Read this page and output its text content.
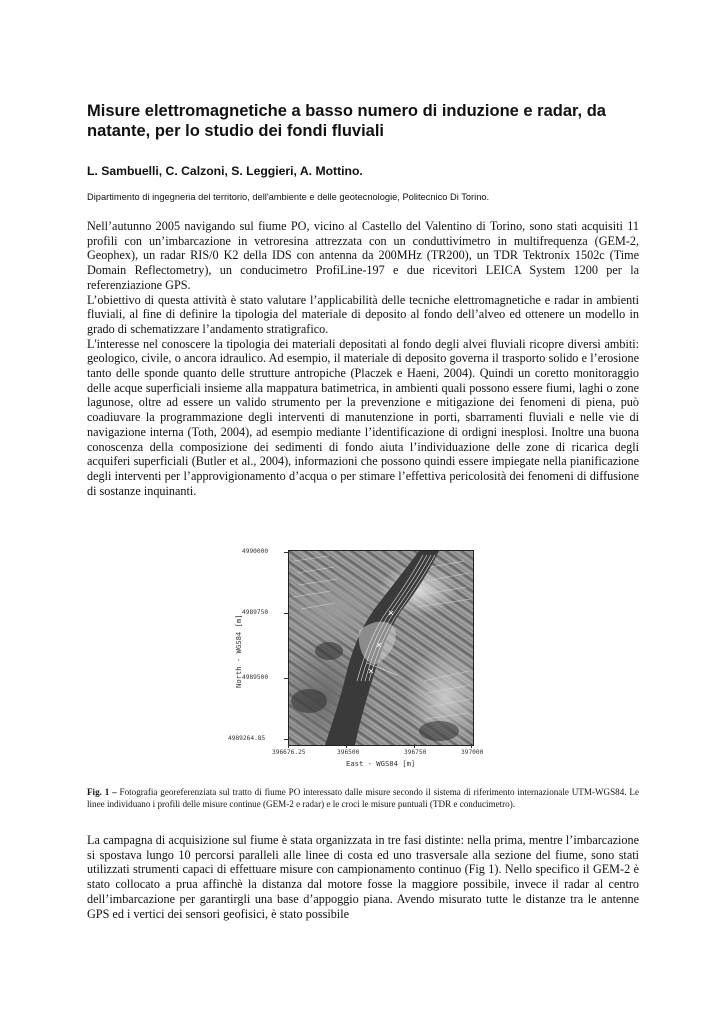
Misure elettromagnetiche a basso numero di induzione e radar, da natante, per lo studio dei fondi fluviali

L. Sambuelli, C. Calzoni, S. Leggieri, A. Mottino.

Dipartimento di ingegneria del territorio, dell'ambiente e delle geotecnologie, Politecnico Di Torino.

Nell’autunno 2005 navigando sul fiume PO, vicino al Castello del Valentino di Torino, sono stati acquisiti 11 profili con un’imbarcazione in vetroresina attrezzata con un conduttivimetro in multifrequenza (GEM-2, Geophex), un radar RIS/0 K2 della IDS con antenna da 200MHz (TR200), un TDR Tektronix 1502c (Time Domain Reflectometry), un conducimetro ProfiLine-197 e due ricevitori LEICA System 1200 per la referenziazione GPS.

L’obiettivo di questa attività è stato valutare l’applicabilità delle tecniche elettromagnetiche e radar in ambienti fluviali, al fine di definire la tipologia del materiale di deposito al fondo dell’alveo ed ottenere un modello in grado di schematizzare l’andamento stratigrafico.

L'interesse nel conoscere la tipologia dei materiali depositati al fondo degli alvei fluviali ricopre diversi ambiti: geologico, civile, o ancora idraulico. Ad esempio, il materiale di deposito governa il trasporto solido e l’erosione tanto delle sponde quanto delle strutture antropiche (Placzek e Haeni, 2004). Quindi un coretto monitoraggio delle acque superficiali insieme alla mappatura batimetrica, in ambienti quali possono essere fiumi, laghi o zone lagunose, oltre ad essere un valido strumento per la prevenzione e mitigazione dei fenomeni di piena, può coadiuvare la programmazione degli interventi di manutenzione in porti, sbarramenti fluviali e nelle vie di navigazione interna (Toth, 2004), ad esempio mediante l’identificazione di ordigni inesplosi. Inoltre una buona conoscenza della composizione dei sedimenti di fondo aiuta l’individuazione delle zone di ricarica degli acquiferi superficiali (Butler et al., 2004), informazioni che possono quindi essere impiegate nella pianificazione degli interventi per l’approvigionamento d’acqua o per stimare l’effettiva pericolosità dei fenomeni di diffusione di sostanze inquinanti.

North - WGS84 [m]
4990000
4989750
4989500
4989264.85
396676.25	396500	396750	397000
East - WGS84 [m]

Fig. 1 – Fotografia georeferenziata sul tratto di fiume PO interessato dalle misure secondo il sistema di riferimento internazionale UTM-WGS84. Le linee individuano i profili delle misure continue (GEM-2 e radar) e le croci le misure puntuali (TDR e conducimetro).

La campagna di acquisizione sul fiume è stata organizzata in tre fasi distinte: nella prima, mentre l’imbarcazione si spostava lungo 10 percorsi paralleli alle linee di costa ed uno trasversale alla sezione del fiume, sono stati utilizzati strumenti capaci di effettuare misure con campionamento continuo (Fig 1). Nello specifico il GEM-2 è stato collocato a prua affinchè la distanza dal motore fosse la maggiore possibile, invece il radar al centro dell’imbarcazione per garantirgli una base d’appoggio piana. Avendo misurato tutte le distanze tra le antenne GPS ed i vertici dei sensori geofisici, è stato possibile
